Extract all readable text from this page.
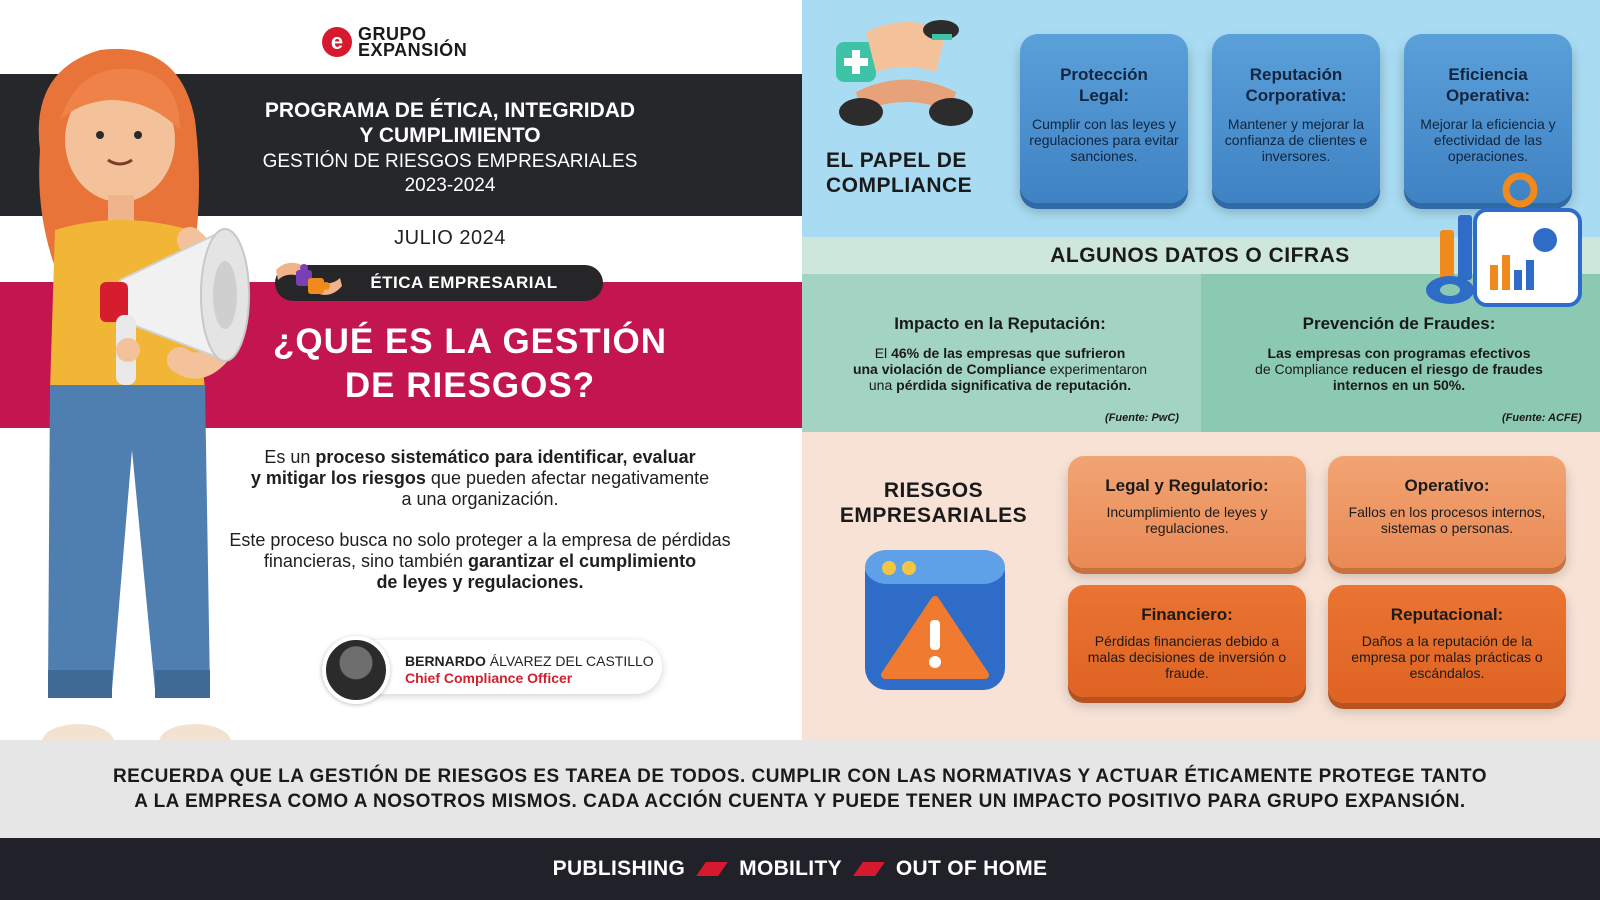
e GRUPO
EXPANSIÓN
PROGRAMA DE ÉTICA, INTEGRIDAD
Y CUMPLIMIENTO
GESTIÓN DE RIESGOS EMPRESARIALES
2023-2024
JULIO 2024
ÉTICA EMPRESARIAL
¿QUÉ ES LA GESTIÓN
DE RIESGOS?
Es un proceso sistemático para identificar, evaluar
y mitigar los riesgos que pueden afectar negativamente
a una organización.
Este proceso busca no solo proteger a la empresa de pérdidas
financieras, sino también garantizar el cumplimiento
de leyes y regulaciones.
BERNARDO ÁLVAREZ DEL CASTILLO
Chief Compliance Officer
EL PAPEL DE
COMPLIANCE
Protección
Legal:
Cumplir con las leyes y regulaciones para evitar sanciones.
Reputación
Corporativa:
Mantener y mejorar la confianza de clientes e inversores.
Eficiencia
Operativa:
Mejorar la eficiencia y efectividad de las operaciones.
ALGUNOS DATOS O CIFRAS
Impacto en la Reputación:
El 46% de las empresas que sufrieron
una violación de Compliance experimentaron
una pérdida significativa de reputación.
(Fuente: PwC)
Prevención de Fraudes:
Las empresas con programas efectivos
de Compliance reducen el riesgo de fraudes
internos en un 50%.
(Fuente: ACFE)
RIESGOS
EMPRESARIALES
Legal y Regulatorio:
Incumplimiento de leyes y regulaciones.
Operativo:
Fallos en los procesos internos, sistemas o personas.
Financiero:
Pérdidas financieras debido a malas decisiones de inversión o fraude.
Reputacional:
Daños a la reputación de la empresa por malas prácticas o escándalos.
RECUERDA QUE LA GESTIÓN DE RIESGOS ES TAREA DE TODOS. CUMPLIR CON LAS NORMATIVAS Y ACTUAR ÉTICAMENTE PROTEGE TANTO
A LA EMPRESA COMO A NOSOTROS MISMOS. CADA ACCIÓN CUENTA Y PUEDE TENER UN IMPACTO POSITIVO PARA GRUPO EXPANSIÓN.
PUBLISHING	MOBILITY	OUT OF HOME
